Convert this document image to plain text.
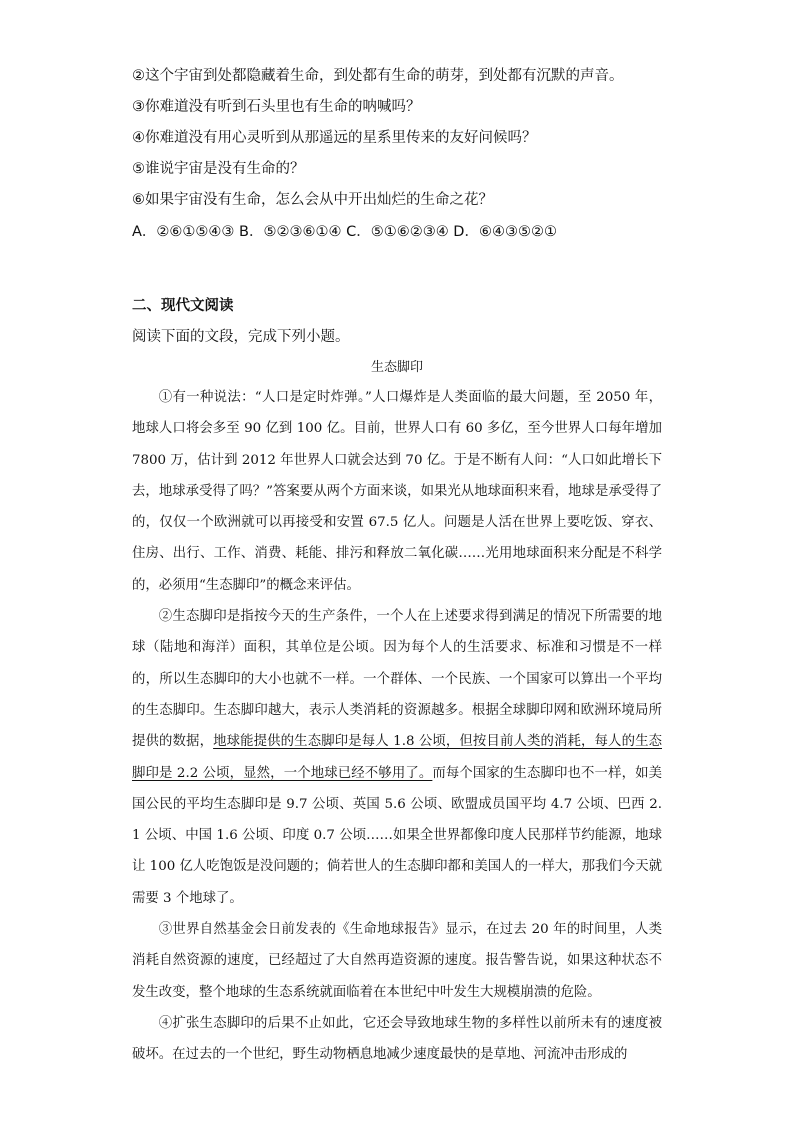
②这个宇宙到处都隐藏着生命，到处都有生命的萌芽，到处都有沉默的声音。
③你难道没有听到石头里也有生命的呐喊吗？
④你难道没有用心灵听到从那遥远的星系里传来的友好问候吗？
⑤谁说宇宙是没有生命的？
⑥如果宇宙没有生命，怎么会从中开出灿烂的生命之花？
A．②⑥①⑤④③ B．⑤②③⑥①④ C．⑤①⑥②③④ D．⑥④③⑤②①
二、现代文阅读
阅读下面的文段，完成下列小题。
生态脚印

①有一种说法：“人口是定时炸弹。”人口爆炸是人类面临的最大问题，至 2050 年，地球人口将会多至 90 亿到 100 亿。目前，世界人口有 60 多亿，至今世界人口每年增加 7800 万，估计到 2012 年世界人口就会达到 70 亿。于是不断有人问：“人口如此增长下去，地球承受得了吗？”答案要从两个方面来谈，如果光从地球面积来看，地球是承受得了的，仅仅一个欧洲就可以再接受和安置 67.5 亿人。问题是人活在世界上要吃饭、穿衣、住房、出行、工作、消费、耗能、排污和释放二氧化碳……光用地球面积来分配是不科学的，必须用“生态脚印”的概念来评估。

②生态脚印是指按今天的生产条件，一个人在上述要求得到满足的情况下所需要的地球（陆地和海洋）面积，其单位是公顷。因为每个人的生活要求、标准和习惯是不一样的，所以生态脚印的大小也就不一样。一个群体、一个民族、一个国家可以算出一个平均的生态脚印。生态脚印越大，表示人类消耗的资源越多。根据全球脚印网和欧洲环境局所提供的数据，地球能提供的生态脚印是每人 1.8 公顷，但按目前人类的消耗，每人的生态脚印是 2.2 公顷，显然，一个地球已经不够用了。而每个国家的生态脚印也不一样，如美国公民的平均生态脚印是 9.7 公顷、英国 5.6 公顷、欧盟成员国平均 4.7 公顷、巴西 2.1 公顷、中国 1.6 公顷、印度 0.7 公顷……如果全世界都像印度人民那样节约能源，地球让 100 亿人吃饱饭是没问题的；倘若世人的生态脚印都和美国人的一样大，那我们今天就需要 3 个地球了。

③世界自然基金会日前发表的《生命地球报告》显示，在过去 20 年的时间里，人类消耗自然资源的速度，已经超过了大自然再造资源的速度。报告警告说，如果这种状态不发生改变，整个地球的生态系统就面临着在本世纪中叶发生大规模崩溃的危险。

④扩张生态脚印的后果不止如此，它还会导致地球生物的多样性以前所未有的速度被破坏。在过去的一个世纪，野生动物栖息地减少速度最快的是草地、河流冲击形成的
